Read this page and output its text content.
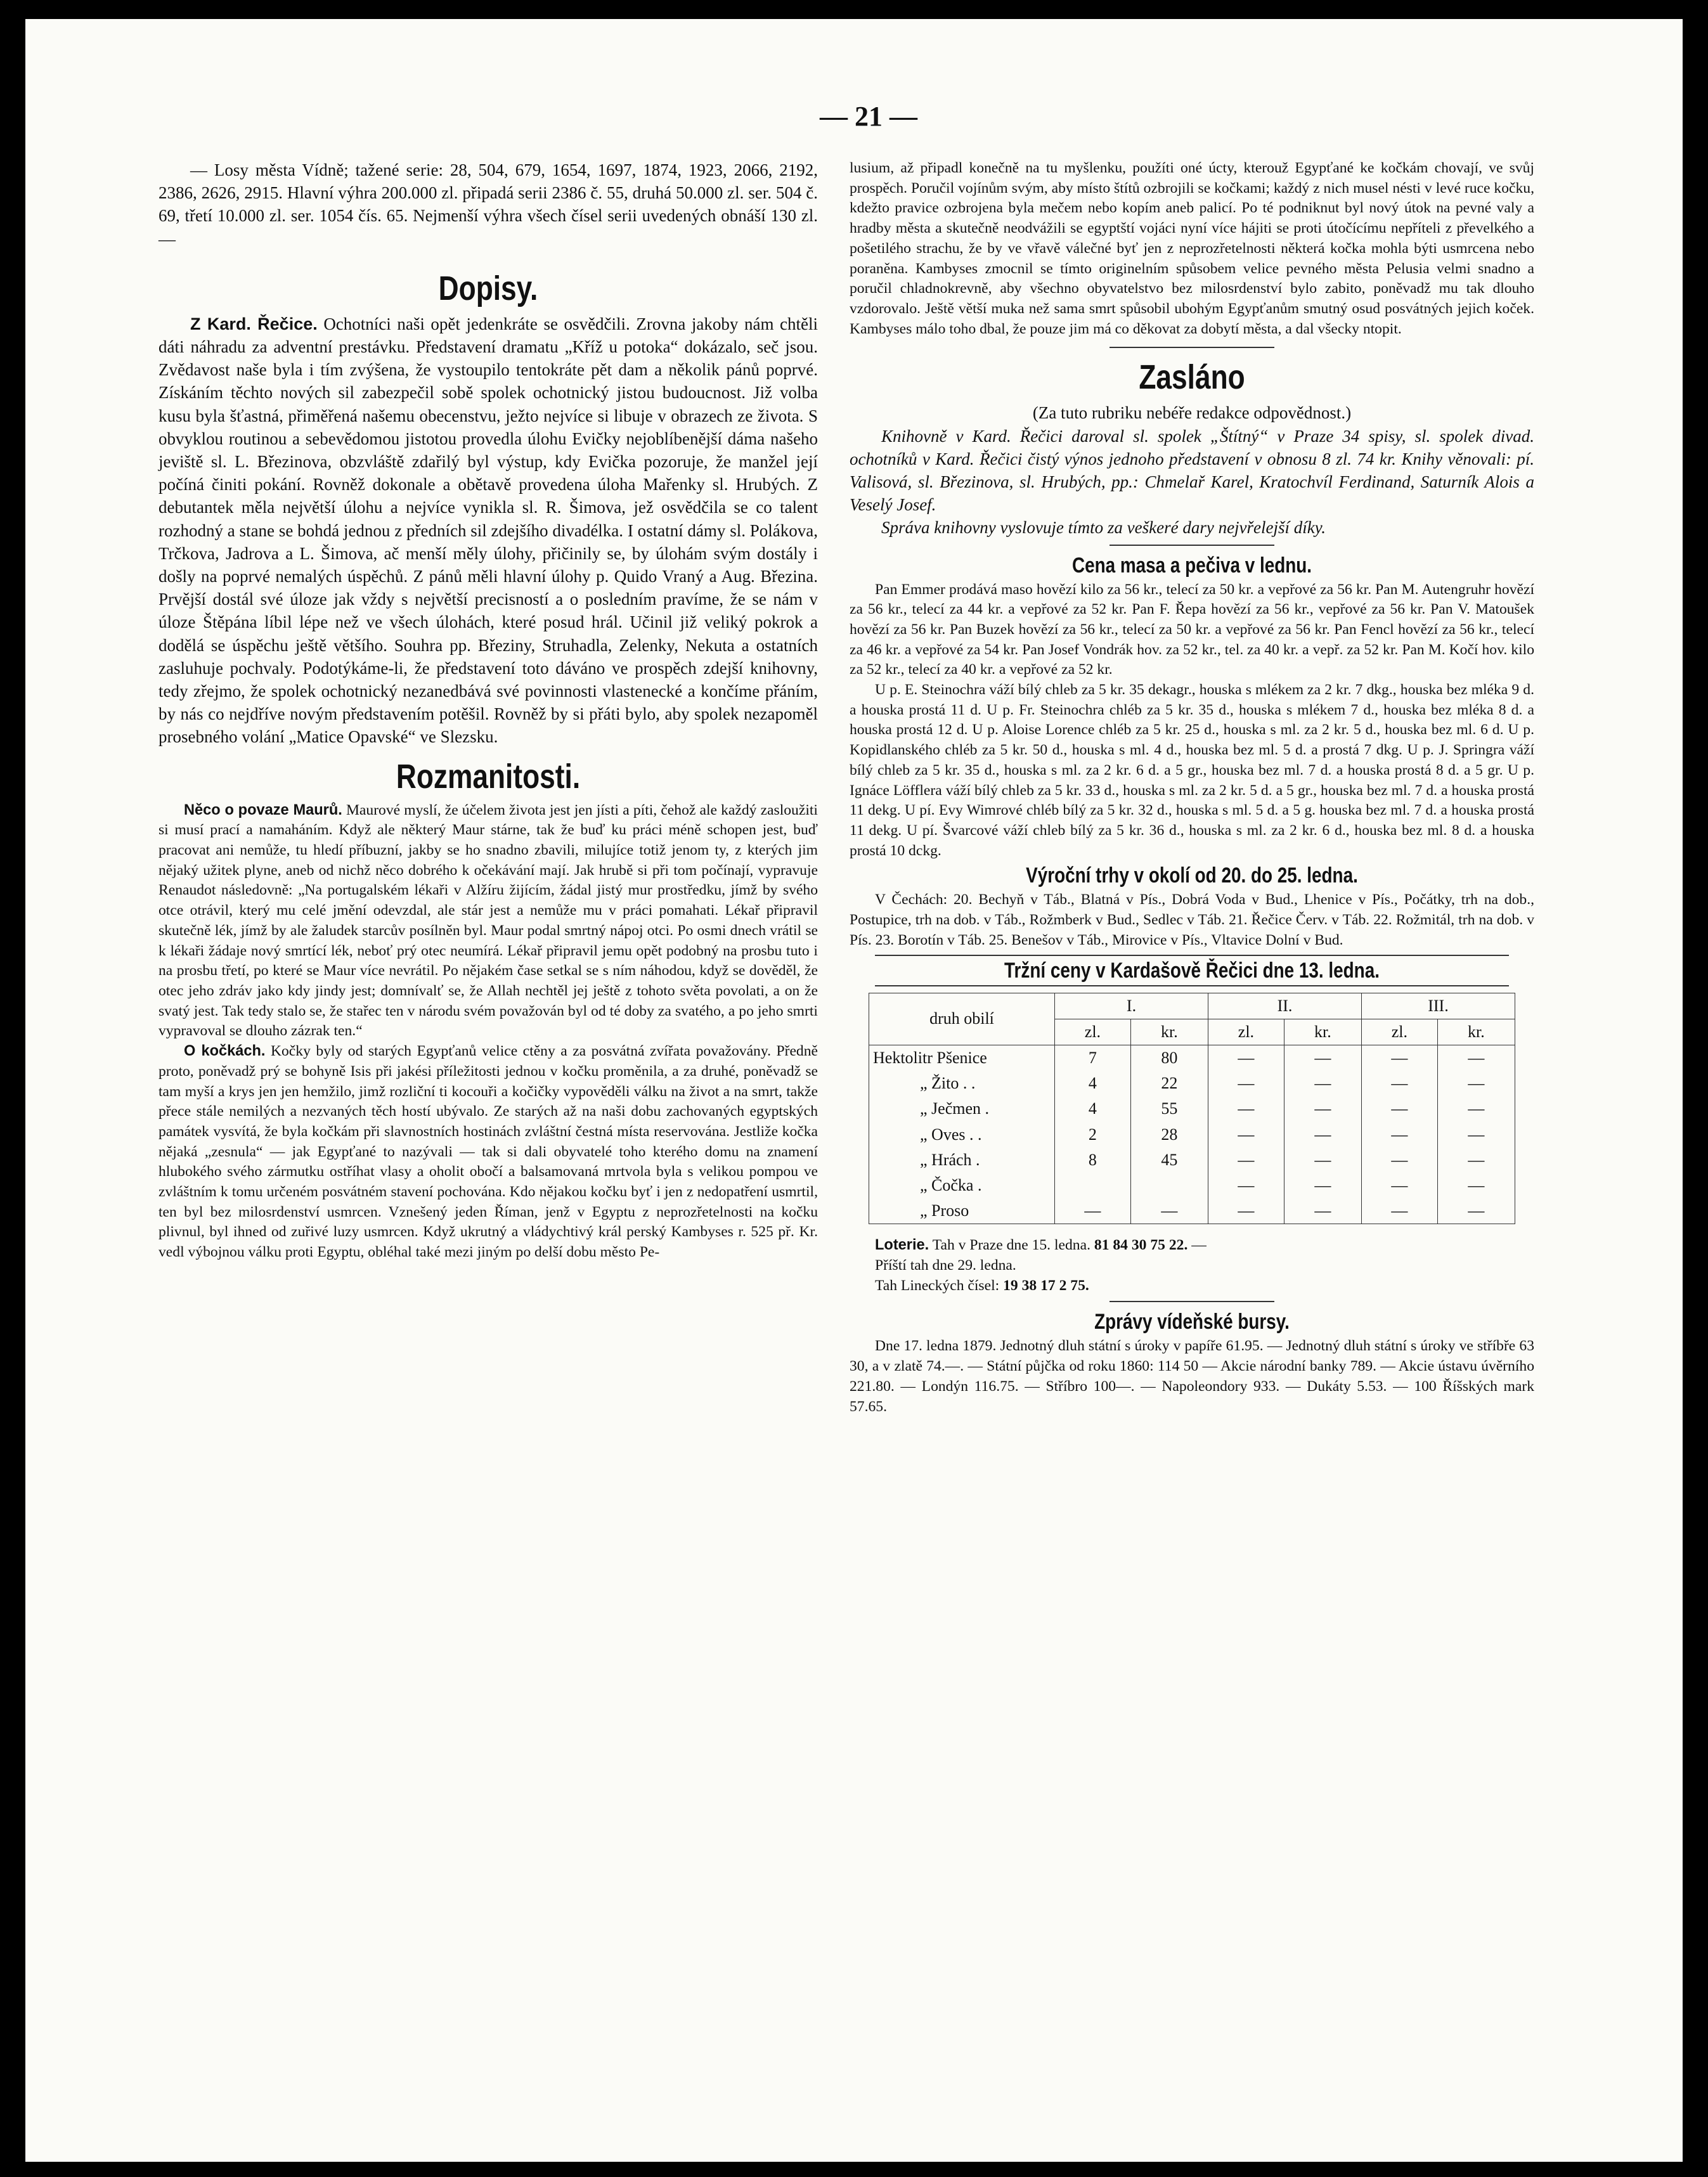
— 21 —

— Losy města Vídně; tažené serie: 28, 504, 679, 1654, 1697, 1874, 1923, 2066, 2192, 2386, 2626, 2915. Hlavní výhra 200.000 zl. připadá serii 2386 č. 55, druhá 50.000 zl. ser. 504 č. 69, třetí 10.000 zl. ser. 1054 čís. 65. Nejmenší výhra všech čísel serii uvedených obnáší 130 zl. —

Dopisy.

Z Kard. Řečice. Ochotníci naši opět jedenkráte se osvědčili. Zrovna jakoby nám chtěli dáti náhradu za adventní prestávku. Představení dramatu „Kříž u potoka“ dokázalo, seč jsou. Zvědavost naše byla i tím zvýšena, že vystoupilo tentokráte pět dam a několik pánů poprvé. Získáním těchto nových sil zabezpečil sobě spolek ochotnický jistou budoucnost. Již volba kusu byla šťastná, přiměřená našemu obecenstvu, ježto nejvíce si libuje v obrazech ze života. S obvyklou routinou a sebevědomou jistotou provedla úlohu Evičky nejoblíbenější dáma našeho jeviště sl. L. Březinova, obzvláště zdařilý byl výstup, kdy Evička pozoruje, že manžel její počíná činiti pokání. Rovněž dokonale a obětavě provedena úloha Mařenky sl. Hrubých. Z debutantek měla největší úlohu a nejvíce vynikla sl. R. Šimova, jež osvědčila se co talent rozhodný a stane se bohdá jednou z předních sil zdejšího divadélka. I ostatní dámy sl. Polákova, Trčkova, Jadrova a L. Šimova, ač menší měly úlohy, přičinily se, by úlohám svým dostály i došly na poprvé nemalých úspěchů. Z pánů měli hlavní úlohy p. Quido Vraný a Aug. Březina. Prvější dostál své úloze jak vždy s největší precisností a o posledním pravíme, že se nám v úloze Štěpána líbil lépe než ve všech úlohách, které posud hrál. Učinil již veliký pokrok a dodělá se úspěchu ještě většího. Souhra pp. Březiny, Struhadla, Zelenky, Nekuta a ostatních zasluhuje pochvaly. Podotýkáme-li, že představení toto dáváno ve prospěch zdejší knihovny, tedy zřejmo, že spolek ochotnický nezanedbává své povinnosti vlastenecké a končíme přáním, by nás co nejdříve novým představením potěšil. Rovněž by si přáti bylo, aby spolek nezapoměl prosebného volání „Matice Opavské“ ve Slezsku.

Rozmanitosti.

Něco o povaze Maurů. Maurové myslí, že účelem života jest jen jísti a píti, čehož ale každý zasloužiti si musí prací a namaháním. Když ale některý Maur stárne, tak že buď ku práci méně schopen jest, buď pracovat ani nemůže, tu hledí příbuzní, jakby se ho snadno zbavili, milujíce totiž jenom ty, z kterých jim nějaký užitek plyne, aneb od nichž něco dobrého k očekávání mají. Jak hrubě si při tom počínají, vypravuje Renaudot následovně: „Na portugalském lékaři v Alžíru žijícím, žádal jistý mur prostředku, jímž by svého otce otrávil, který mu celé jmění odevzdal, ale stár jest a nemůže mu v práci pomahati. Lékař připravil skutečně lék, jímž by ale žaludek starcův posílněn byl. Maur podal smrtný nápoj otci. Po osmi dnech vrátil se k lékaři žádaje nový smrtící lék, neboť prý otec neumírá. Lékař připravil jemu opět podobný na prosbu tuto i na prosbu třetí, po které se Maur více nevrátil. Po nějakém čase setkal se s ním náhodou, když se dověděl, že otec jeho zdráv jako kdy jindy jest; domnívalť se, že Allah nechtěl jej ještě z tohoto světa povolati, a on že svatý jest. Tak tedy stalo se, že stařec ten v národu svém považován byl od té doby za svatého, a po jeho smrti vypravoval se dlouho zázrak ten.“

O kočkách. Kočky byly od starých Egypťanů velice ctěny a za posvátná zvířata považovány. Předně proto, poněvadž prý se bohyně Isis při jakési příležitosti jednou v kočku proměnila, a za druhé, poněvadž se tam myší a krys jen jen hemžilo, jimž rozliční ti kocouři a kočičky vypověděli válku na život a na smrt, takže přece stále nemilých a nezvaných těch hostí ubývalo. Ze starých až na naši dobu zachovaných egyptských památek vysvítá, že byla kočkám při slavnostních hostinách zvláštní čestná místa reservována. Jestliže kočka nějaká „zesnula“ — jak Egypťané to nazývali — tak si dali obyvatelé toho kterého domu na znamení hlubokého svého zármutku ostříhat vlasy a oholit obočí a balsamovaná mrtvola byla s velikou pompou ve zvláštním k tomu určeném posvátném stavení pochována. Kdo nějakou kočku byť i jen z nedopatření usmrtil, ten byl bez milosrdenství usmrcen. Vznešený jeden Říman, jenž v Egyptu z neprozřetelnosti na kočku plivnul, byl ihned od zuřivé luzy usmrcen. Když ukrutný a vládychtivý král perský Kambyses r. 525 př. Kr. vedl výbojnou válku proti Egyptu, obléhal také mezi jiným po delší dobu město Pe-

lusium, až připadl konečně na tu myšlenku, použíti oné úcty, kterouž Egypťané ke kočkám chovají, ve svůj prospěch. Poručil vojínům svým, aby místo štítů ozbrojili se kočkami; každý z nich musel nésti v levé ruce kočku, kdežto pravice ozbrojena byla mečem nebo kopím aneb palicí. Po té podniknut byl nový útok na pevné valy a hradby města a skutečně neodvážili se egyptští vojáci nyní více hájiti se proti útočícímu nepříteli z převelkého a pošetilého strachu, že by ve vřavě válečné byť jen z neprozřetelnosti některá kočka mohla býti usmrcena nebo poraněna. Kambyses zmocnil se tímto originelním spůsobem velice pevného města Pelusia velmi snadno a poručil chladnokrevně, aby všechno obyvatelstvo bez milosrdenství bylo zabito, poněvadž mu tak dlouho vzdorovalo. Ještě větší muka než sama smrt spůsobil ubohým Egypťanům smutný osud posvátných jejich koček. Kambyses málo toho dbal, že pouze jim má co děkovat za dobytí města, a dal všecky ntopit.

Zasláno

(Za tuto rubriku nebéře redakce odpovědnost.)

Knihovně v Kard. Řečici daroval sl. spolek „Štítný“ v Praze 34 spisy, sl. spolek divad. ochotníků v Kard. Řečici čistý výnos jednoho představení v obnosu 8 zl. 74 kr. Knihy věnovali: pí. Valisová, sl. Březinova, sl. Hrubých, pp.: Chmelař Karel, Kratochvíl Ferdinand, Saturník Alois a Veselý Josef.

Správa knihovny vyslovuje tímto za veškeré dary nejvřelejší díky.

Cena masa a pečiva v lednu.

Pan Emmer prodává maso hovězí kilo za 56 kr., telecí za 50 kr. a vepřové za 56 kr. Pan M. Autengruhr hovězí za 56 kr., telecí za 44 kr. a vepřové za 52 kr. Pan F. Řepa hovězí za 56 kr., vepřové za 56 kr. Pan V. Matoušek hovězí za 56 kr. Pan Buzek hovězí za 56 kr., telecí za 50 kr. a vepřové za 56 kr. Pan Fencl hovězí za 56 kr., telecí za 46 kr. a vepřové za 54 kr. Pan Josef Vondrák hov. za 52 kr., tel. za 40 kr. a vepř. za 52 kr. Pan M. Kočí hov. kilo za 52 kr., telecí za 40 kr. a vepřové za 52 kr.

U p. E. Steinochra váží bílý chleb za 5 kr. 35 dekagr., houska s mlékem za 2 kr. 7 dkg., houska bez mléka 9 d. a houska prostá 11 d. U p. Fr. Steinochra chléb za 5 kr. 35 d., houska s mlékem 7 d., houska bez mléka 8 d. a houska prostá 12 d. U p. Aloise Lorence chléb za 5 kr. 25 d., houska s ml. za 2 kr. 5 d., houska bez ml. 6 d. U p. Kopidlanského chléb za 5 kr. 50 d., houska s ml. 4 d., houska bez ml. 5 d. a prostá 7 dkg. U p. J. Springra váží bílý chleb za 5 kr. 35 d., houska s ml. za 2 kr. 6 d. a 5 gr., houska bez ml. 7 d. a houska prostá 8 d. a 5 gr. U p. Ignáce Löfflera váží bílý chleb za 5 kr. 33 d., houska s ml. za 2 kr. 5 d. a 5 gr., houska bez ml. 7 d. a houska prostá 11 dekg. U pí. Evy Wimrové chléb bílý za 5 kr. 32 d., houska s ml. 5 d. a 5 g. houska bez ml. 7 d. a houska prostá 11 dekg. U pí. Švarcové váží chleb bílý za 5 kr. 36 d., houska s ml. za 2 kr. 6 d., houska bez ml. 8 d. a houska prostá 10 dckg.

Výroční trhy v okolí od 20. do 25. ledna.

V Čechách: 20. Bechyň v Táb., Blatná v Pís., Dobrá Voda v Bud., Lhenice v Pís., Počátky, trh na dob., Postupice, trh na dob. v Táb., Rožmberk v Bud., Sedlec v Táb. 21. Řečice Červ. v Táb. 22. Rožmitál, trh na dob. v Pís. 23. Borotín v Táb. 25. Benešov v Táb., Mirovice v Pís., Vltavice Dolní v Bud.

Tržní ceny v Kardašově Řečici dne 13. ledna.
druh obilí	I.		II.		III.	
	zl.	kr.	zl.	kr.	zl.	kr.
Hektolitr Pšenice	7	80	—	—	—	—
„ Žito . .	4	22	—	—	—	—
„ Ječmen .	4	55	—	—	—	—
„ Oves . .	2	28	—	—	—	—
„ Hrách .	8	45	—	—	—	—
„ Čočka .			—	—	—	—
„ Proso	—	—	—	—	—	—

Loterie. Tah v Praze dne 15. ledna. 81 84 30 75 22. —

Příští tah dne 29. ledna.

Tah Lineckých čísel: 19 38 17 2 75.

Zprávy vídeňské bursy.

Dne 17. ledna 1879. Jednotný dluh státní s úroky v papíře 61.95. — Jednotný dluh státní s úroky ve stříbře 63 30, a v zlatě 74.—. — Státní půjčka od roku 1860: 114 50 — Akcie národní banky 789. — Akcie ústavu úvěrního 221.80. — Londýn 116.75. — Stříbro 100—. — Napoleondory 933. — Dukáty 5.53. — 100 Říšských mark 57.65.
